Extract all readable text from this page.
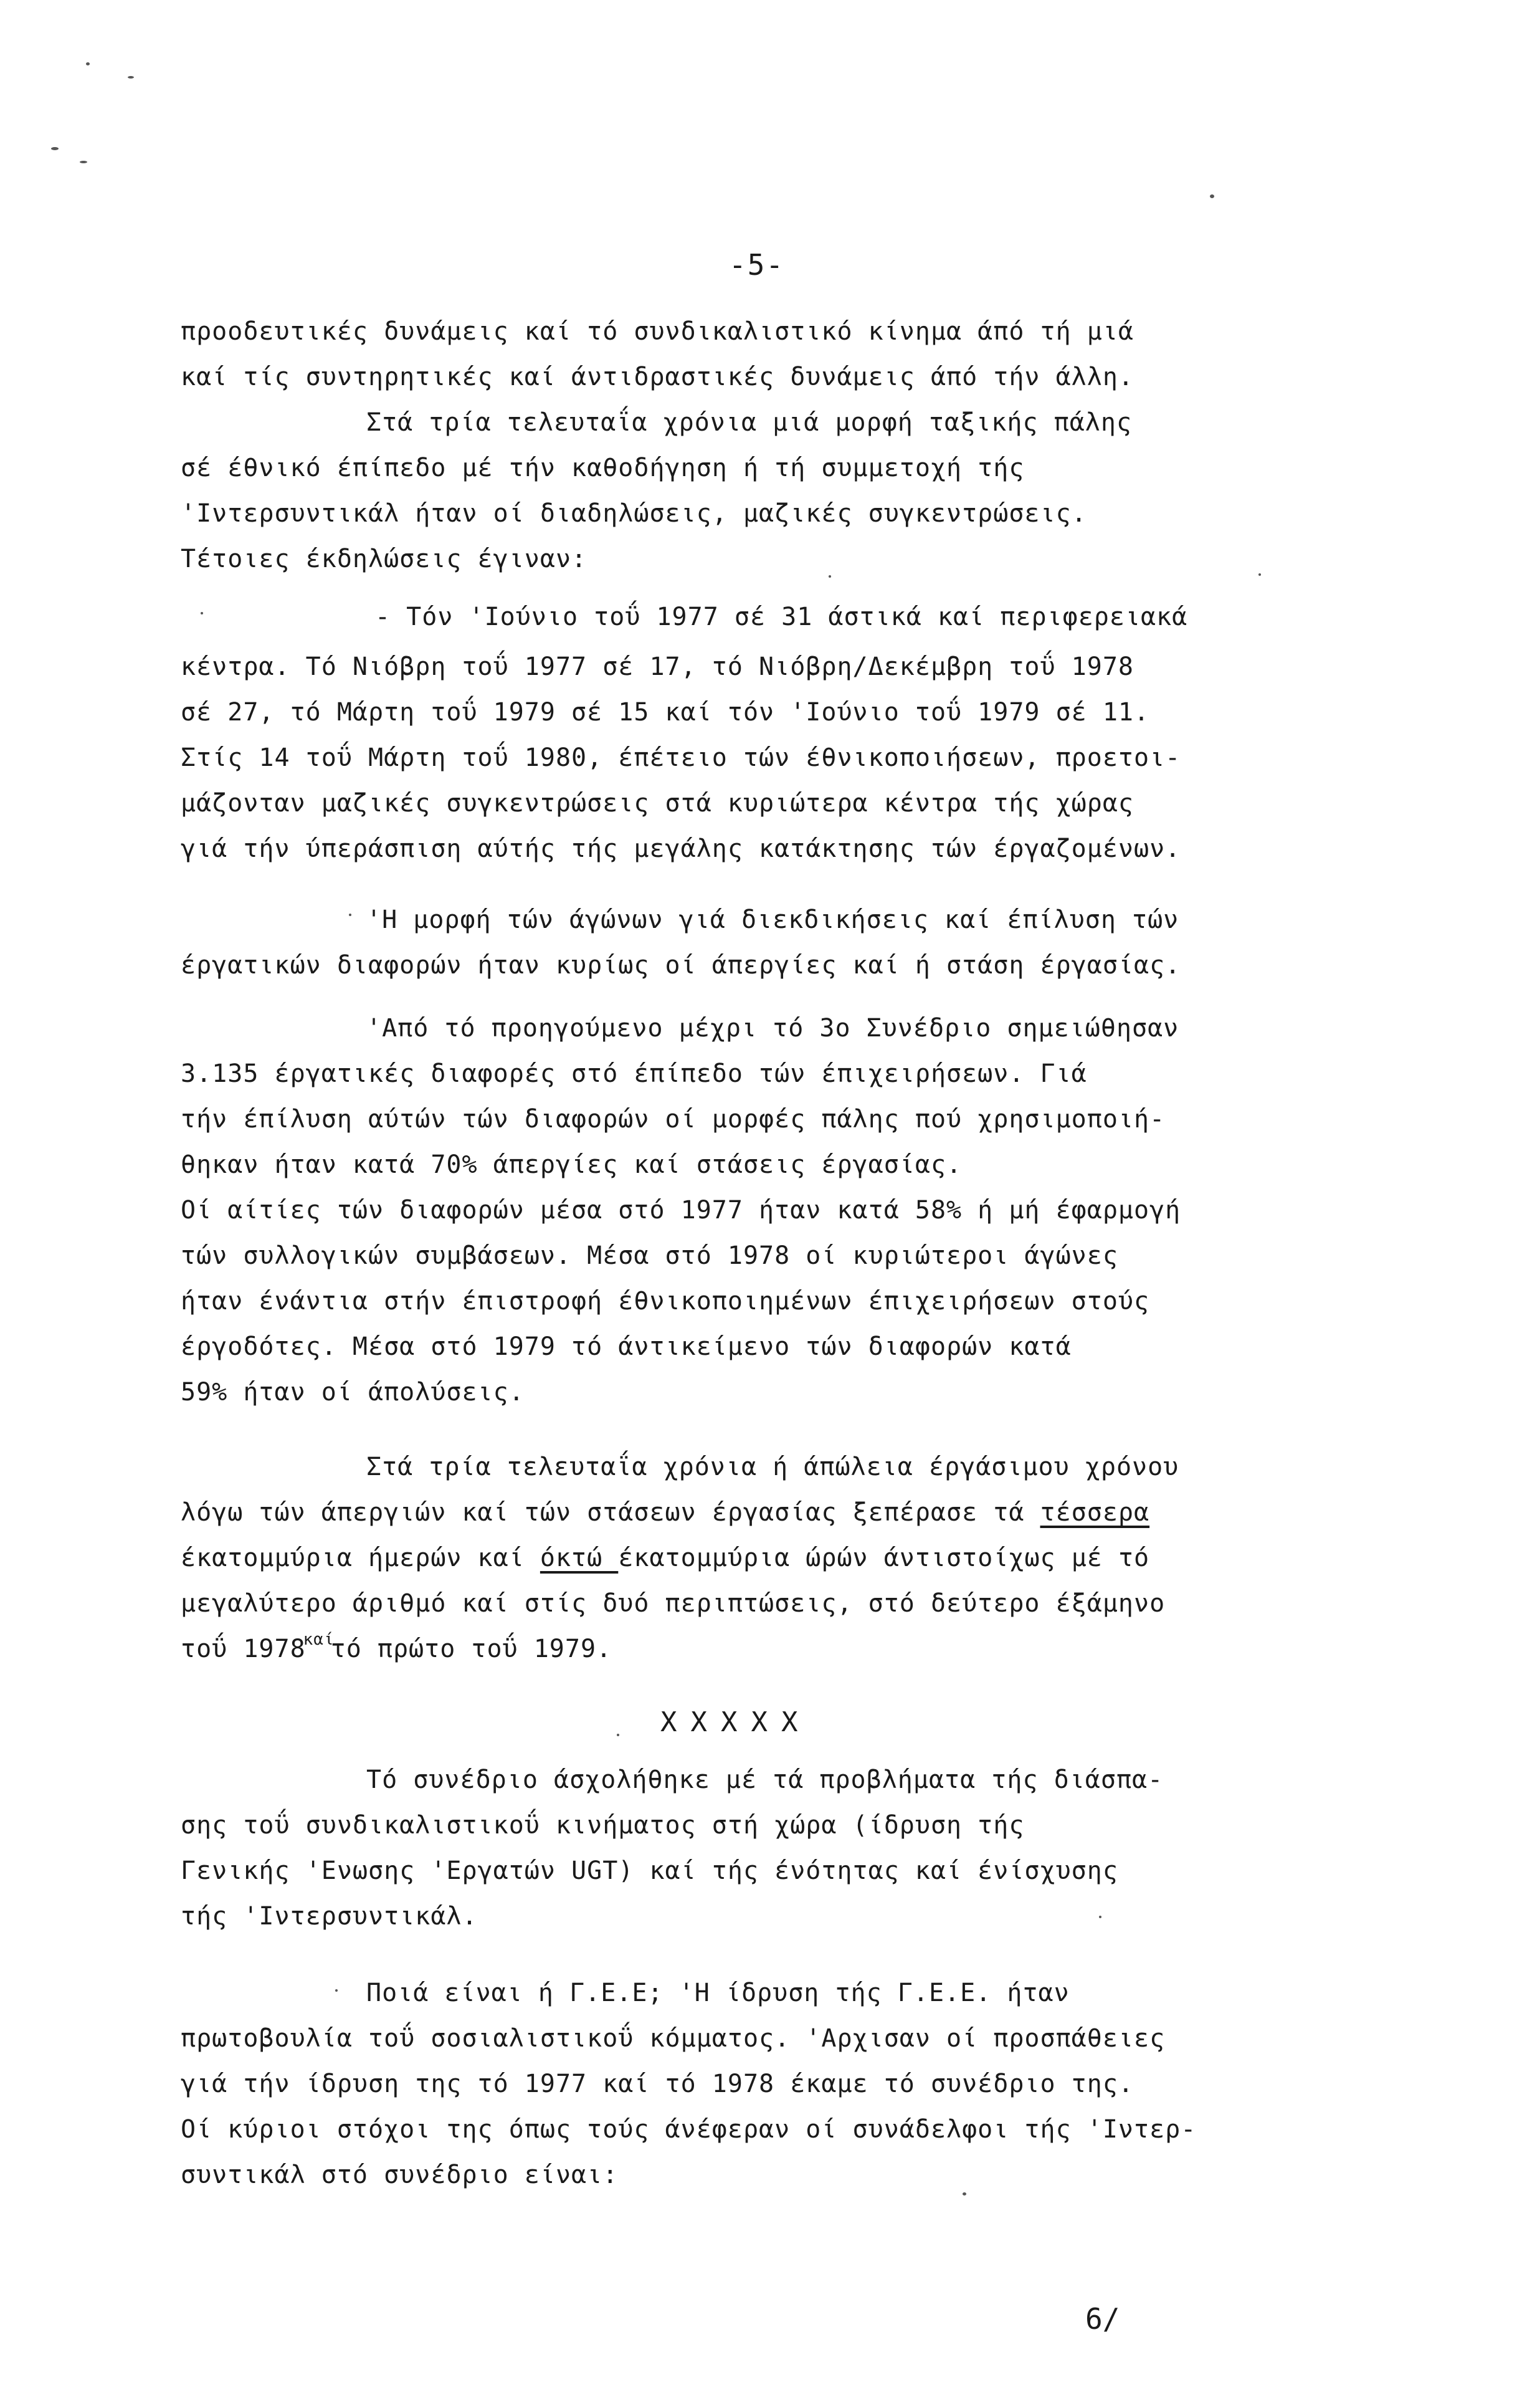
-5-
προοδευτικές δυνάμεις καί τό συνδικαλιστικό κίνημα άπό τή μιά
καί τίς συντηρητικές καί άντιδραστικές δυνάμεις άπό τήν άλλη.
Στά τρία τελευταΐα χρόνια μιά μορφή ταξικής πάλης
σέ έθνικό έπίπεδο μέ τήν καθοδήγηση ή τή συμμετοχή τής
'Ιντερσυντικάλ ήταν οί διαδηλώσεις, μαζικές συγκεντρώσεις.
Τέτοιες έκδηλώσεις έγιναν:
- Τόν 'Ιούνιο τοΰ 1977 σέ 31 άστικά καί περιφερειακά
κέντρα. Τό Νιόβρη τοΰ 1977 σέ 17, τό Νιόβρη/Δεκέμβρη τοΰ 1978
σέ 27, τό Μάρτη τοΰ 1979 σέ 15 καί τόν 'Ιούνιο τοΰ 1979 σέ 11.
Στίς 14 τοΰ Μάρτη τοΰ 1980, έπέτειο τών έθνικοποιήσεων, προετοι-
μάζονταν μαζικές συγκεντρώσεις στά κυριώτερα κέντρα τής χώρας
γιά τήν ύπεράσπιση αύτής τής μεγάλης κατάκτησης τών έργαζομένων.
'Η μορφή τών άγώνων γιά διεκδικήσεις καί έπίλυση τών
έργατικών διαφορών ήταν κυρίως οί άπεργίες καί ή στάση έργασίας.
'Από τό προηγούμενο μέχρι τό 3ο Συνέδριο σημειώθησαν
3.135 έργατικές διαφορές στό έπίπεδο τών έπιχειρήσεων. Γιά
τήν έπίλυση αύτών τών διαφορών οί μορφές πάλης πού χρησιμοποιή-
θηκαν ήταν κατά 70% άπεργίες καί στάσεις έργασίας.
Οί αίτίες τών διαφορών μέσα στό 1977 ήταν κατά 58% ή μή έφαρμογή
τών συλλογικών συμβάσεων. Μέσα στό 1978 οί κυριώτεροι άγώνες
ήταν ένάντια στήν έπιστροφή έθνικοποιημένων έπιχειρήσεων στούς
έργοδότες. Μέσα στό 1979 τό άντικείμενο τών διαφορών κατά
59% ήταν οί άπολύσεις.
Στά τρία τελευταΐα χρόνια ή άπώλεια έργάσιμου χρόνου
λόγω τών άπεργιών καί τών στάσεων έργασίας ξεπέρασε τά τέσσερα
έκατομμύρια ήμερών καί όκτώ έκατομμύρια ώρών άντιστοίχως μέ τό
μεγαλύτερο άριθμό καί στίς δυό περιπτώσεις, στό δεύτερο έξάμηνο
τοΰ $1978^{\kappa\alpha ί}\tau ό$ πρώτο τοΰ 1979.
XXXXX
Τό συνέδριο άσχολήθηκε μέ τά προβλήματα τής διάσπα-
σης τοΰ συνδικαλιστικοΰ κινήματος στή χώρα (ίδρυση τής
Γενικής 'Ενωσης 'Εργατών UGT) καί τής ένότητας καί ένίσχυσης
τής 'Ιντερσυντικάλ.
Ποιά είναι ή Γ.Ε.Ε; 'Η ίδρυση τής Γ.Ε.Ε. ήταν
πρωτοβουλία τοΰ σοσιαλιστικοΰ κόμματος. 'Αρχισαν οί προσπάθειες
γιά τήν ίδρυση της τό 1977 καί τό 1978 έκαμε τό συνέδριο της.
Οί κύριοι στόχοι της όπως τούς άνέφεραν οί συνάδελφοι τής 'Ιντερ-
συντικάλ στό συνέδριο είναι:
6/
